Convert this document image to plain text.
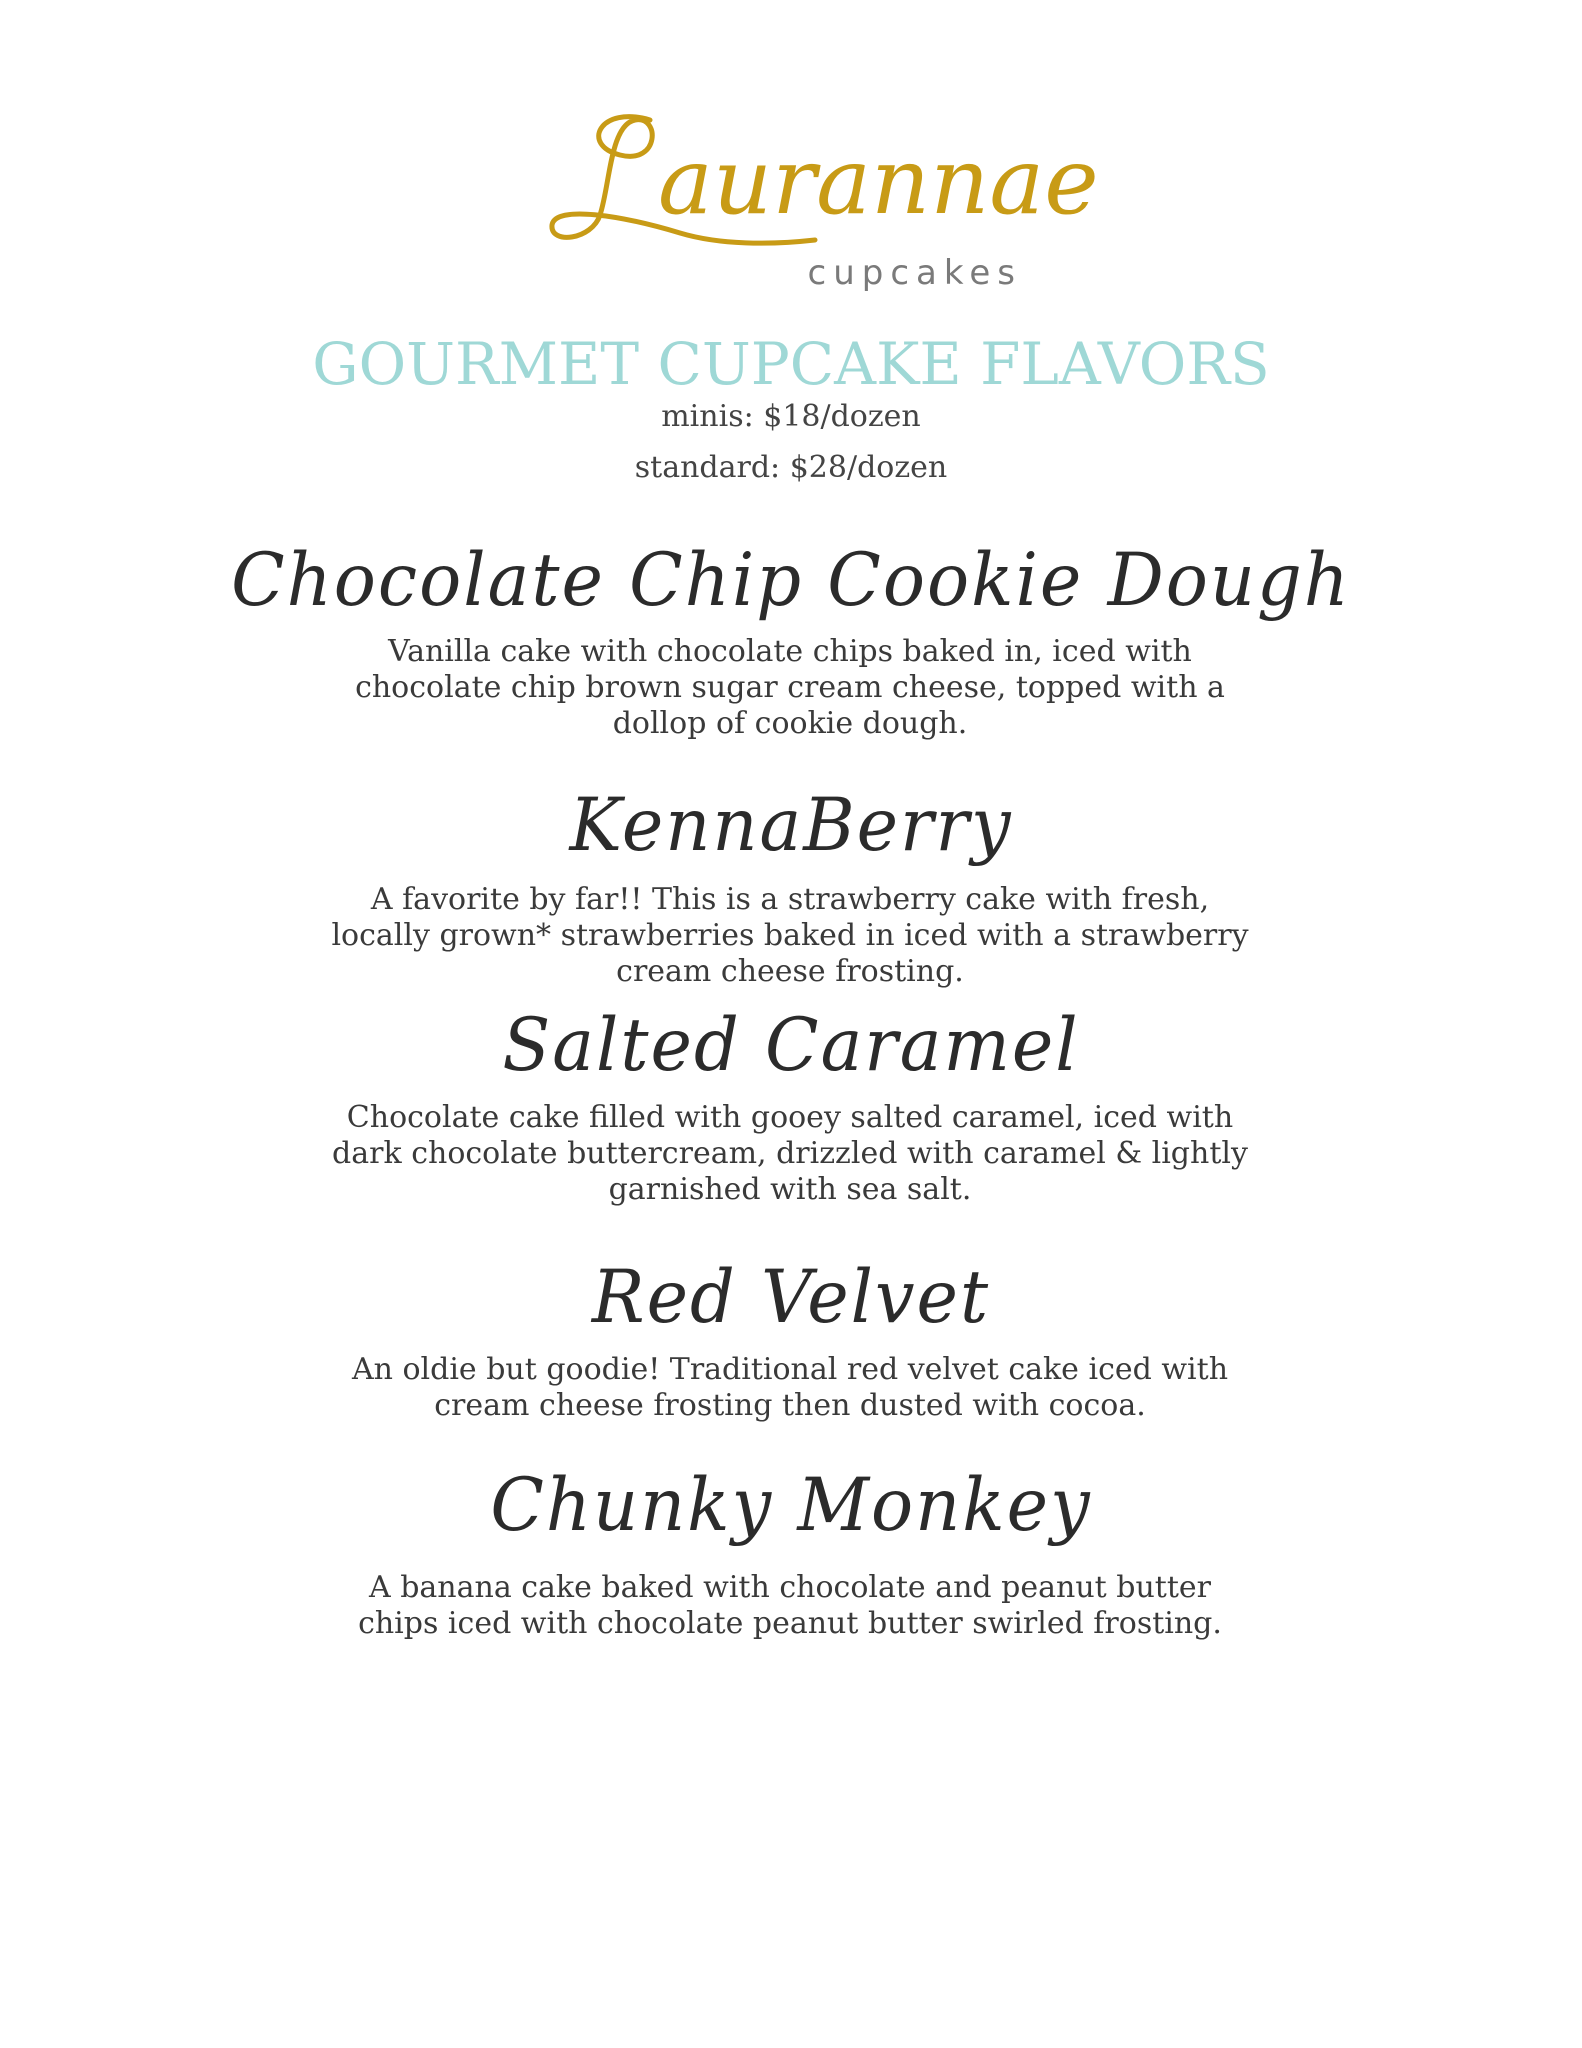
aurannae
cupcakes
GOURMET CUPCAKE FLAVORS
minis: $18/dozen
standard: $28/dozen
Chocolate Chip Cookie Dough
Vanilla cake with chocolate chips baked in, iced with chocolate chip brown sugar cream cheese, topped with a dollop of cookie dough.
KennaBerry
A favorite by far!! This is a strawberry cake with fresh, locally grown* strawberries baked in iced with a strawberry cream cheese frosting.
Salted Caramel
Chocolate cake filled with gooey salted caramel, iced with dark chocolate buttercream, drizzled with caramel & lightly garnished with sea salt.
Red Velvet
An oldie but goodie! Traditional red velvet cake iced with cream cheese frosting then dusted with cocoa.
Chunky Monkey
A banana cake baked with chocolate and peanut butter chips iced with chocolate peanut butter swirled frosting.
